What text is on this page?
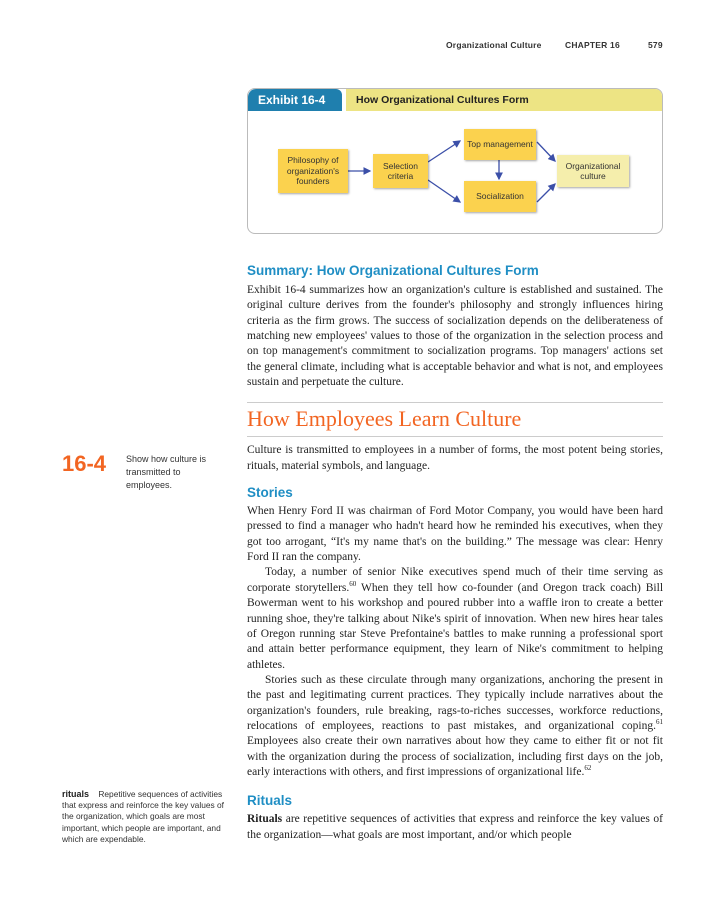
Organizational Culture	CHAPTER 16	579
Exhibit 16-4	How Organizational Cultures Form
Philosophy of organization's founders
Selection criteria
Top management
Socialization
Organizational culture
Summary: How Organizational Cultures Form

Exhibit 16-4 summarizes how an organization's culture is established and sustained. The original culture derives from the founder's philosophy and strongly influences hiring criteria as the firm grows. The success of socialization depends on the deliberateness of matching new employees' values to those of the organization in the selection process and on top management's commitment to socialization programs. Top managers' actions set the general climate, including what is acceptable behavior and what is not, and employees sustain and perpetuate the culture.

How Employees Learn Culture

Culture is transmitted to employees in a number of forms, the most potent being stories, rituals, material symbols, and language.

Stories

When Henry Ford II was chairman of Ford Motor Company, you would have been hard pressed to find a manager who hadn't heard how he reminded his executives, when they got too arrogant, “It's my name that's on the building.” The message was clear: Henry Ford II ran the company.

Today, a number of senior Nike executives spend much of their time serving as corporate storytellers.$^{60}$ When they tell how co-founder (and Oregon track coach) Bill Bowerman went to his workshop and poured rubber into a waffle iron to create a better running shoe, they're talking about Nike's spirit of innovation. When new hires hear tales of Oregon running star Steve Prefontaine's battles to make running a professional sport and attain better performance equipment, they learn of Nike's commitment to helping athletes.

Stories such as these circulate through many organizations, anchoring the present in the past and legitimating current practices. They typically include narratives about the organization's founders, rule breaking, rags-to-riches successes, workforce reductions, relocations of employees, reactions to past mistakes, and organizational coping.$^{61}$ Employees also create their own narratives about how they came to either fit or not fit with the organization during the process of socialization, including first days on the job, early interactions with others, and first impressions of organizational life.$^{62}$

Rituals

Rituals are repetitive sequences of activities that express and reinforce the key values of the organization—what goals are most important, and/or which people

16-4 Show how culture is transmitted to employees.
rituals Repetitive sequences of activities that express and reinforce the key values of the organization, which goals are most important, which people are important, and which are expendable.
